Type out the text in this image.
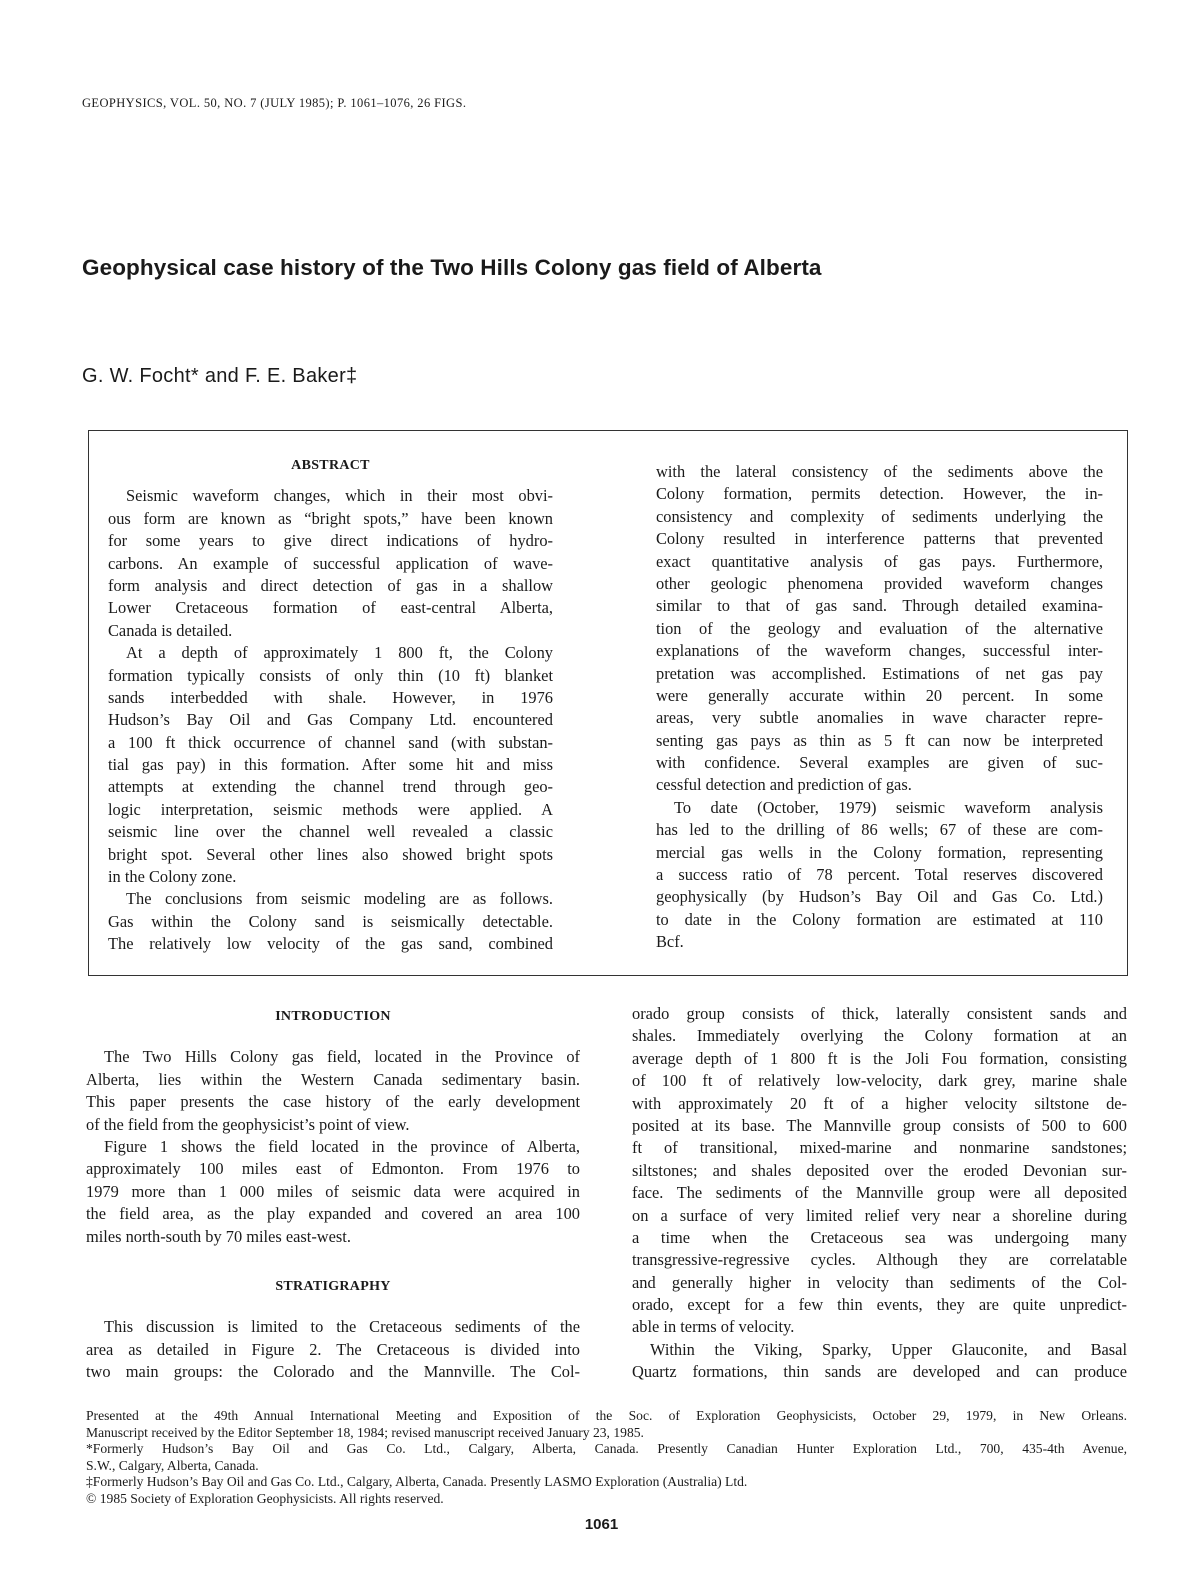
GEOPHYSICS, VOL. 50, NO. 7 (JULY 1985); P. 1061–1076, 26 FIGS.
Geophysical case history of the Two Hills Colony gas field of Alberta
G. W. Focht* and F. E. Baker‡
ABSTRACT
Seismic waveform changes, which in their most obvi-
ous form are known as “bright spots,” have been known
for some years to give direct indications of hydro-
carbons. An example of successful application of wave-
form analysis and direct detection of gas in a shallow
Lower Cretaceous formation of east-central Alberta,
Canada is detailed.
At a depth of approximately 1 800 ft, the Colony
formation typically consists of only thin (10 ft) blanket
sands interbedded with shale. However, in 1976
Hudson’s Bay Oil and Gas Company Ltd. encountered
a 100 ft thick occurrence of channel sand (with substan-
tial gas pay) in this formation. After some hit and miss
attempts at extending the channel trend through geo-
logic interpretation, seismic methods were applied. A
seismic line over the channel well revealed a classic
bright spot. Several other lines also showed bright spots
in the Colony zone.
The conclusions from seismic modeling are as follows.
Gas within the Colony sand is seismically detectable.
The relatively low velocity of the gas sand, combined
with the lateral consistency of the sediments above the
Colony formation, permits detection. However, the in-
consistency and complexity of sediments underlying the
Colony resulted in interference patterns that prevented
exact quantitative analysis of gas pays. Furthermore,
other geologic phenomena provided waveform changes
similar to that of gas sand. Through detailed examina-
tion of the geology and evaluation of the alternative
explanations of the waveform changes, successful inter-
pretation was accomplished. Estimations of net gas pay
were generally accurate within 20 percent. In some
areas, very subtle anomalies in wave character repre-
senting gas pays as thin as 5 ft can now be interpreted
with confidence. Several examples are given of suc-
cessful detection and prediction of gas.
To date (October, 1979) seismic waveform analysis
has led to the drilling of 86 wells; 67 of these are com-
mercial gas wells in the Colony formation, representing
a success ratio of 78 percent. Total reserves discovered
geophysically (by Hudson’s Bay Oil and Gas Co. Ltd.)
to date in the Colony formation are estimated at 110
Bcf.
INTRODUCTION
The Two Hills Colony gas field, located in the Province of
Alberta, lies within the Western Canada sedimentary basin.
This paper presents the case history of the early development
of the field from the geophysicist’s point of view.
Figure 1 shows the field located in the province of Alberta,
approximately 100 miles east of Edmonton. From 1976 to
1979 more than 1 000 miles of seismic data were acquired in
the field area, as the play expanded and covered an area 100
miles north-south by 70 miles east-west.
STRATIGRAPHY
This discussion is limited to the Cretaceous sediments of the
area as detailed in Figure 2. The Cretaceous is divided into
two main groups: the Colorado and the Mannville. The Col-
orado group consists of thick, laterally consistent sands and
shales. Immediately overlying the Colony formation at an
average depth of 1 800 ft is the Joli Fou formation, consisting
of 100 ft of relatively low-velocity, dark grey, marine shale
with approximately 20 ft of a higher velocity siltstone de-
posited at its base. The Mannville group consists of 500 to 600
ft of transitional, mixed-marine and nonmarine sandstones;
siltstones; and shales deposited over the eroded Devonian sur-
face. The sediments of the Mannville group were all deposited
on a surface of very limited relief very near a shoreline during
a time when the Cretaceous sea was undergoing many
transgressive-regressive cycles. Although they are correlatable
and generally higher in velocity than sediments of the Col-
orado, except for a few thin events, they are quite unpredict-
able in terms of velocity.
Within the Viking, Sparky, Upper Glauconite, and Basal
Quartz formations, thin sands are developed and can produce
Presented at the 49th Annual International Meeting and Exposition of the Soc. of Exploration Geophysicists, October 29, 1979, in New Orleans.
Manuscript received by the Editor September 18, 1984; revised manuscript received January 23, 1985.
*Formerly Hudson’s Bay Oil and Gas Co. Ltd., Calgary, Alberta, Canada. Presently Canadian Hunter Exploration Ltd., 700, 435-4th Avenue,
S.W., Calgary, Alberta, Canada.
‡Formerly Hudson’s Bay Oil and Gas Co. Ltd., Calgary, Alberta, Canada. Presently LASMO Exploration (Australia) Ltd.
© 1985 Society of Exploration Geophysicists. All rights reserved.
1061
